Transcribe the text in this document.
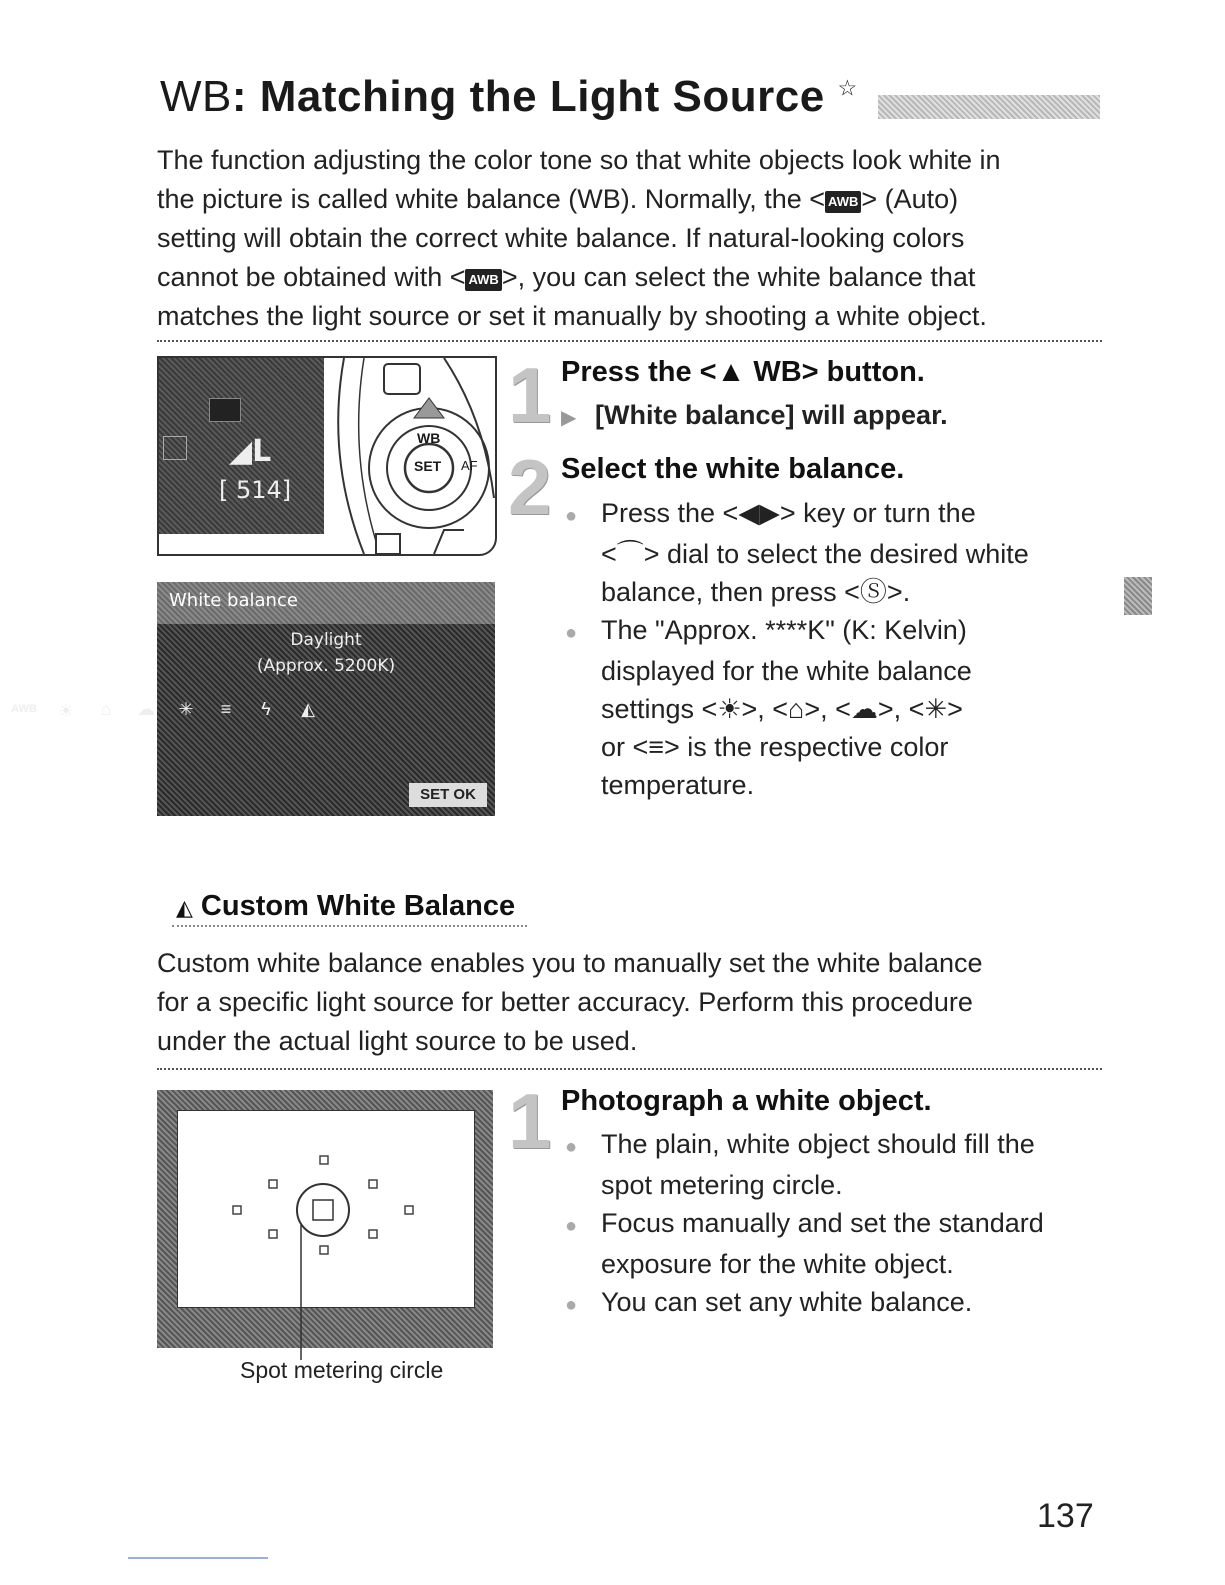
WB: Matching the Light Source ☆

The function adjusting the color tone so that white objects look white in

the picture is called white balance (WB). Normally, the < AWB > (Auto)

setting will obtain the correct white balance. If natural-looking colors

cannot be obtained with < AWB >, you can select the white balance that

matches the light source or set it manually by shooting a white object.

◢L
[ 514]
WB
SET AF
White balance
Daylight
(Approx. 5200K)
AWB	☀	⌂	☁	✳	≡	ϟ	◭
SET OK
1 Press the <▲ WB> button.
▶ [White balance] will appear.
2 Select the white balance.
● Press the <◀▶> key or turn the
<⌒> dial to select the desired white
balance, then press <Ⓢ>.
● The "Approx. ****K" (K: Kelvin)
displayed for the white balance
settings <☀>, <⌂>, <☁>, <✳>
or <≡> is the respective color
temperature.
◭ Custom White Balance

Custom white balance enables you to manually set the white balance

for a specific light source for better accuracy. Perform this procedure

under the actual light source to be used.

Spot metering circle
1 Photograph a white object.
● The plain, white object should fill the
spot metering circle.
● Focus manually and set the standard
exposure for the white object.
● You can set any white balance.
137
